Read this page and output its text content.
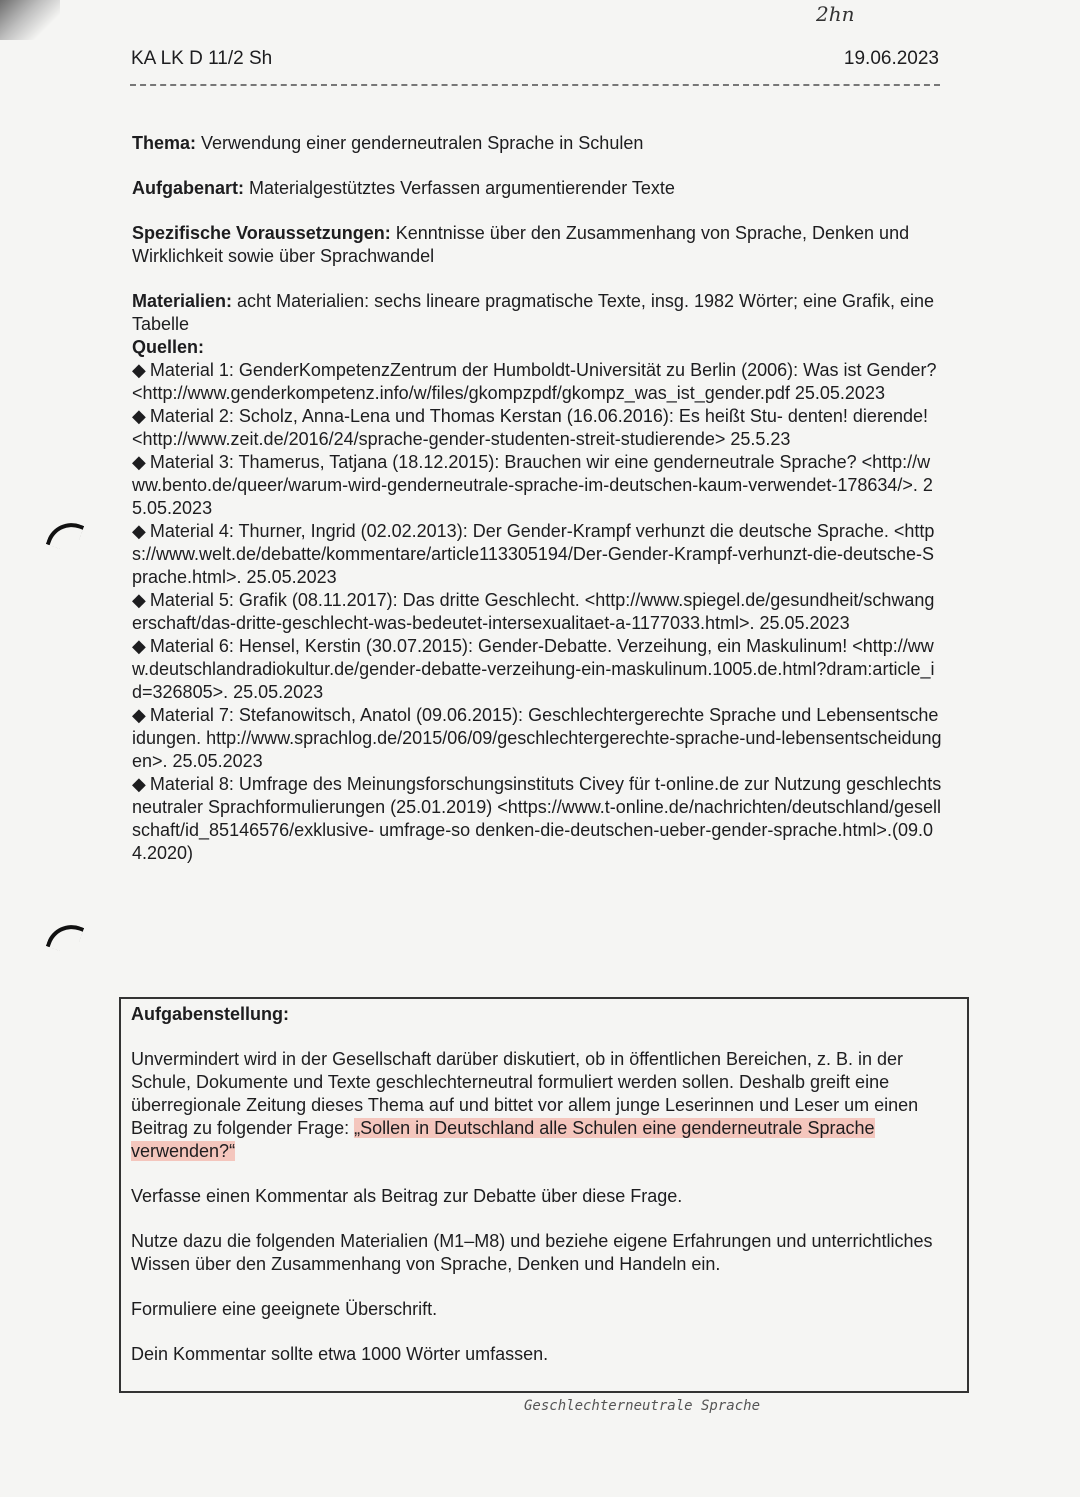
2hn
KA LK D 11/2 Sh	19.06.2023

Thema: Verwendung einer genderneutralen Sprache in Schulen

Aufgabenart: Materialgestütztes Verfassen argumentierender Texte

Spezifische Voraussetzungen: Kenntnisse über den Zusammenhang von Sprache, Denken und Wirklichkeit sowie über Sprachwandel

Materialien: acht Materialien: sechs lineare pragmatische Texte, insg. 1982 Wörter; eine Grafik, eine Tabelle

Quellen:

◆ Material 1: GenderKompetenzZentrum der Humboldt-Universität zu Berlin (2006): Was ist Gender?<http://www.genderkompetenz.info/w/files/gkompzpdf/gkompz_was_ist_gender.pdf 25.05.2023

◆ Material 2: Scholz, Anna-Lena und Thomas Kerstan (16.06.2016): Es heißt Stu- denten! dierende! <http://www.zeit.de/2016/24/sprache-gender-studenten-streit-studierende> 25.5.23

◆ Material 3: Thamerus, Tatjana (18.12.2015): Brauchen wir eine genderneutrale Sprache? <http://www.bento.de/queer/warum-wird-genderneutrale-sprache-im-deutschen-kaum-verwendet-178634/>. 25.05.2023

◆ Material 4: Thurner, Ingrid (02.02.2013): Der Gender-Krampf verhunzt die deutsche Sprache. <https://www.welt.de/debatte/kommentare/article113305194/Der-Gender-Krampf-verhunzt-die-deutsche-Sprache.html>. 25.05.2023

◆ Material 5: Grafik (08.11.2017): Das dritte Geschlecht. <http://www.spiegel.de/gesundheit/schwangerschaft/das-dritte-geschlecht-was-bedeutet-intersexualitaet-a-1177033.html>. 25.05.2023

◆ Material 6: Hensel, Kerstin (30.07.2015): Gender-Debatte. Verzeihung, ein Maskulinum! <http://www.deutschlandradiokultur.de/gender-debatte-verzeihung-ein-maskulinum.1005.de.html?dram:article_id=326805>. 25.05.2023

◆ Material 7: Stefanowitsch, Anatol (09.06.2015): Geschlechtergerechte Sprache und Lebensentscheidungen. http://www.sprachlog.de/2015/06/09/geschlechtergerechte-sprache-und-lebensentscheidungen>. 25.05.2023

◆ Material 8: Umfrage des Meinungsforschungsinstituts Civey für t-online.de zur Nutzung geschlechtsneutraler Sprachformulierungen (25.01.2019) <https://www.t-online.de/nachrichten/deutschland/gesellschaft/id_85146576/exklusive- umfrage-so denken-die-deutschen-ueber-gender-sprache.html>.(09.04.2020)

Aufgabenstellung:

Unvermindert wird in der Gesellschaft darüber diskutiert, ob in öffentlichen Bereichen, z. B. in der Schule, Dokumente und Texte geschlechterneutral formuliert werden sollen. Deshalb greift eine überregionale Zeitung dieses Thema auf und bittet vor allem junge Leserinnen und Leser um einen Beitrag zu folgender Frage: „Sollen in Deutschland alle Schulen eine genderneutrale Sprache verwenden?“

Verfasse einen Kommentar als Beitrag zur Debatte über diese Frage.

Nutze dazu die folgenden Materialien (M1–M8) und beziehe eigene Erfahrungen und unterrichtliches Wissen über den Zusammenhang von Sprache, Denken und Handeln ein.

Formuliere eine geeignete Überschrift.

Dein Kommentar sollte etwa 1000 Wörter umfassen.

Geschlechterneutrale Sprache
